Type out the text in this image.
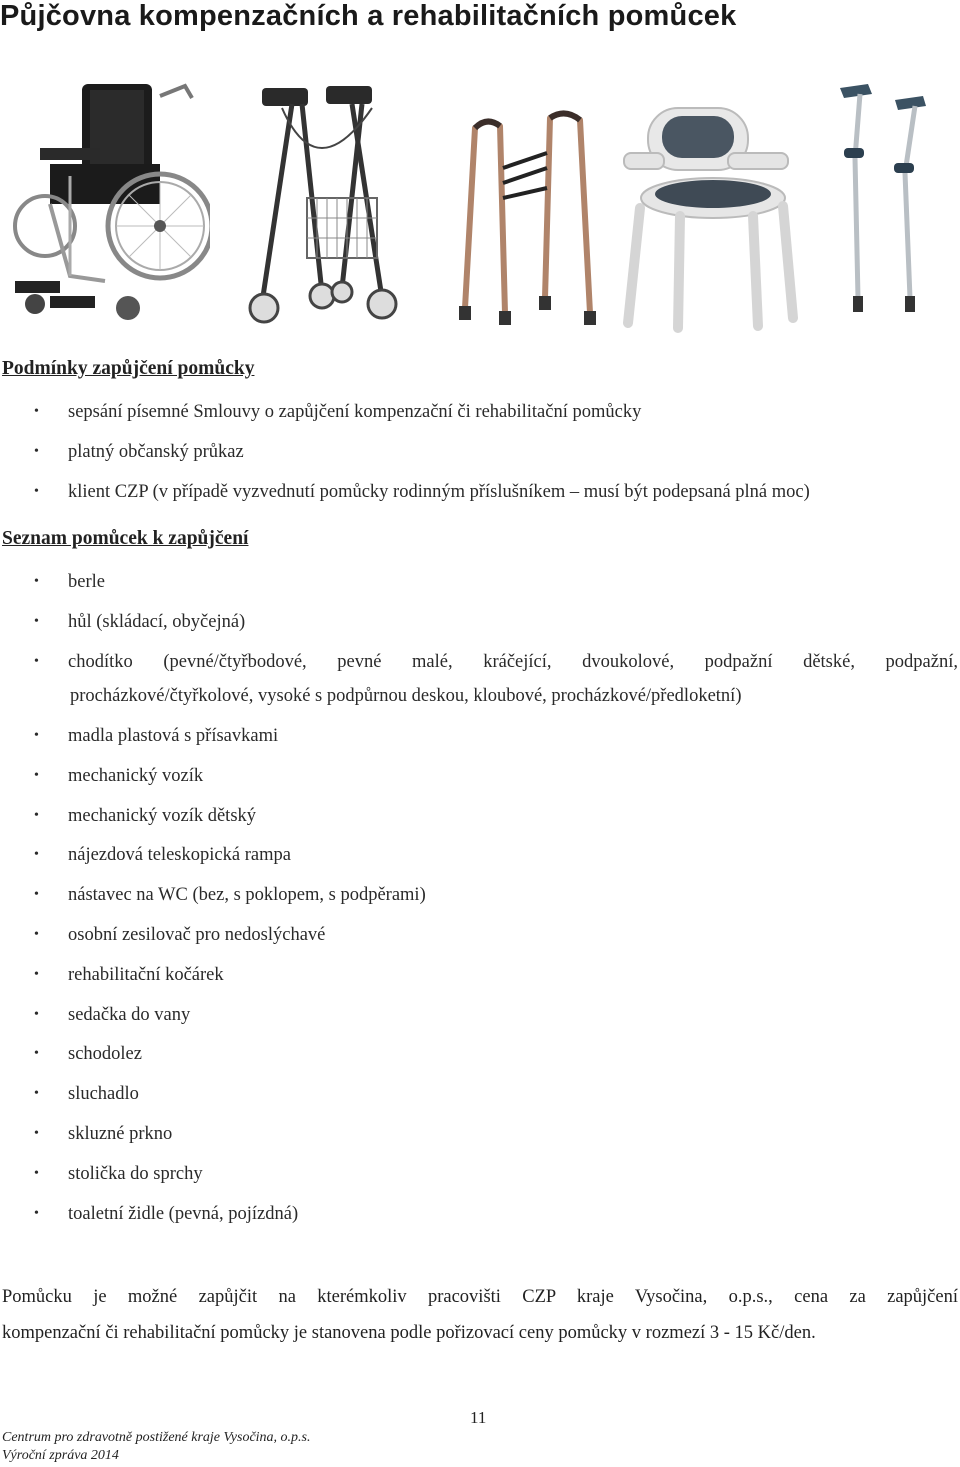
Půjčovna kompenzačních a rehabilitačních pomůcek
Podmínky zapůjčení pomůcky
• sepsání písemné Smlouvy o zapůjčení kompenzační či rehabilitační pomůcky
• platný občanský průkaz
• klient CZP (v případě vyzvednutí pomůcky rodinným příslušníkem – musí být podepsaná plná moc)
Seznam pomůcek k zapůjčení
• berle
• hůl (skládací, obyčejná)
• chodítko (pevné/čtyřbodové, pevné malé, kráčející, dvoukolové, podpažní dětské, podpažní,
procházkové/čtyřkolové, vysoké s podpůrnou deskou, kloubové, procházkové/předloketní)
• madla plastová s přísavkami
• mechanický vozík
• mechanický vozík dětský
• nájezdová teleskopická rampa
• nástavec na WC (bez, s poklopem, s podpěrami)
• osobní zesilovač pro nedoslýchavé
• rehabilitační kočárek
• sedačka do vany
• schodolez
• sluchadlo
• skluzné prkno
• stolička do sprchy
• toaletní židle (pevná, pojízdná)
Pomůcku je možné zapůjčit na kterémkoliv pracovišti CZP kraje Vysočina, o.p.s., cena za zapůjčení
kompenzační či rehabilitační pomůcky je stanovena podle pořizovací ceny pomůcky v rozmezí 3 - 15 Kč/den.
11
Centrum pro zdravotně postižené kraje Vysočina, o.p.s.
Výroční zpráva 2014
